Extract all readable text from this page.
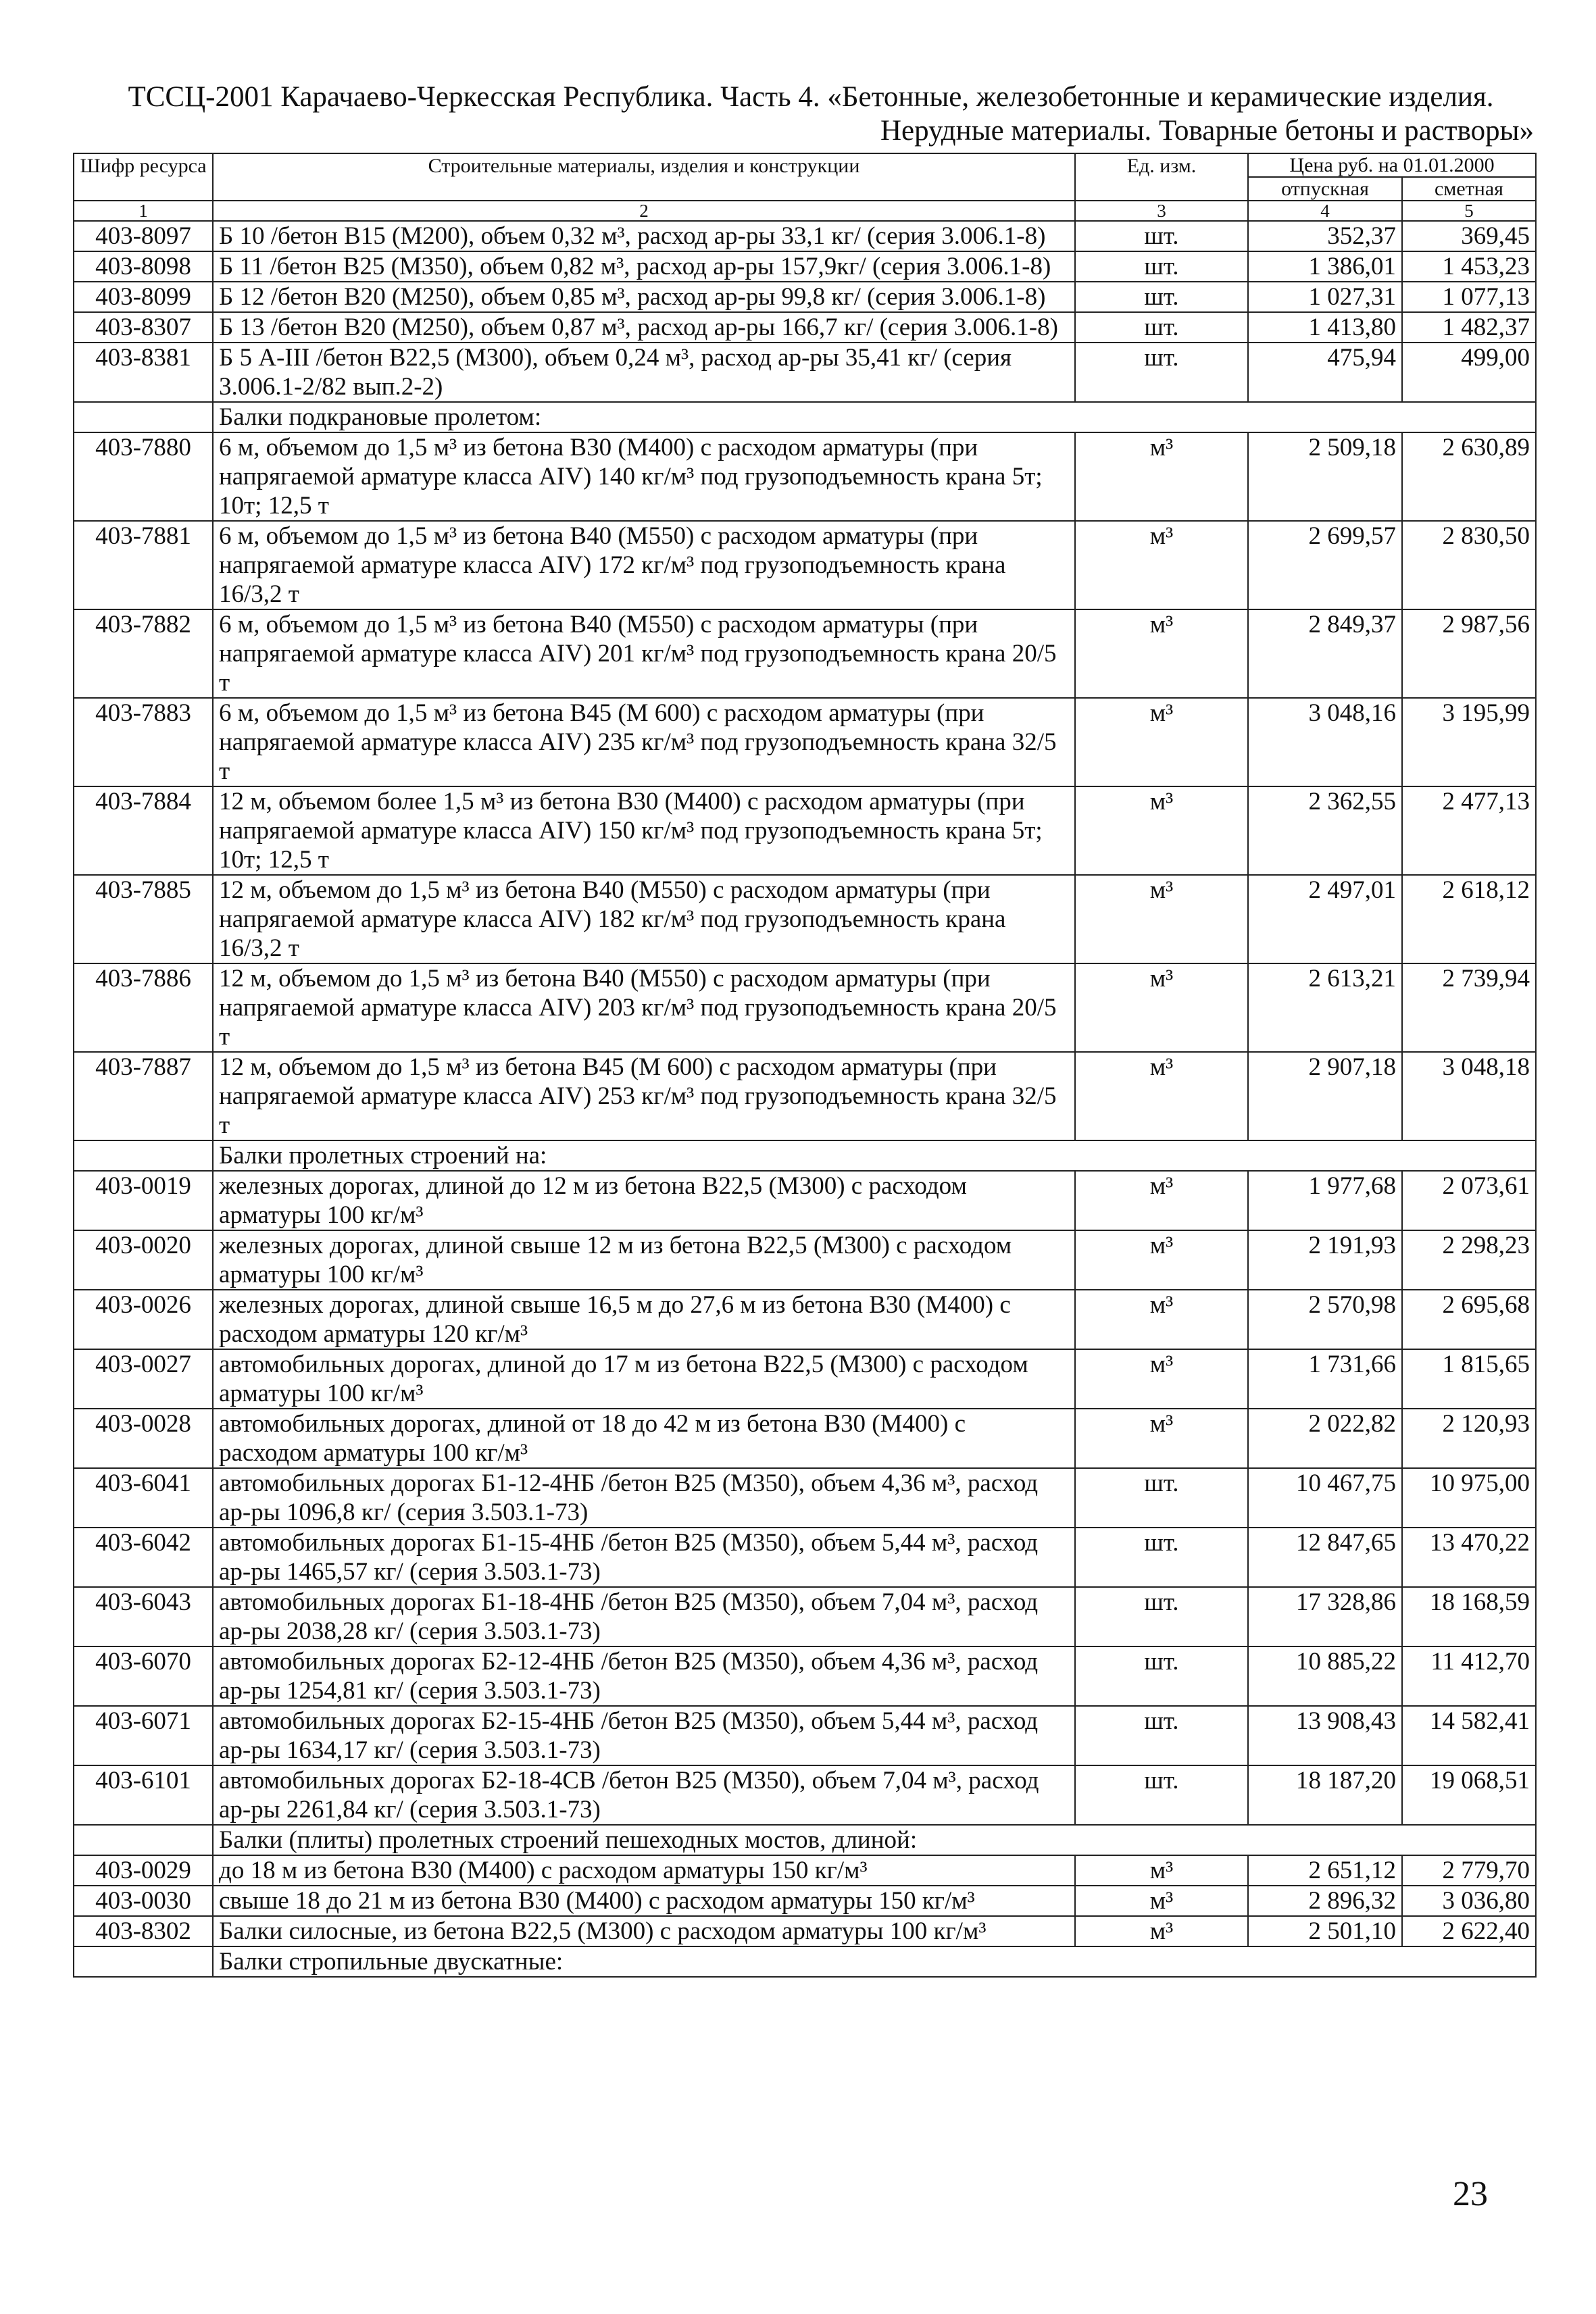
ТССЦ-2001 Карачаево-Черкесская Республика. Часть 4. «Бетонные, железобетонные и керамические изделия.
Нерудные материалы. Товарные бетоны и растворы»
Шифр ресурса	Строительные материалы, изделия и конструкции	Ед. изм.	Цена руб. на 01.01.2000	
			отпускная	сметная
1	2	3	4	5
403-8097	Б 10 /бетон В15 (М200), объем 0,32 м³, расход ар-ры 33,1 кг/ (серия 3.006.1-8)	шт.	352,37	369,45
403-8098	Б 11 /бетон В25 (М350), объем 0,82 м³, расход ар-ры 157,9кг/ (серия 3.006.1-8)	шт.	1 386,01	1 453,23
403-8099	Б 12 /бетон В20 (М250), объем 0,85 м³, расход ар-ры 99,8 кг/ (серия 3.006.1-8)	шт.	1 027,31	1 077,13
403-8307	Б 13 /бетон В20 (М250), объем 0,87 м³, расход ар-ры 166,7 кг/ (серия 3.006.1-8)	шт.	1 413,80	1 482,37
403-8381	Б 5 А-III /бетон В22,5 (М300), объем 0,24 м³, расход ар-ры 35,41 кг/ (серия 3.006.1-2/82 вып.2-2)	шт.	475,94	499,00
	Балки подкрановые пролетом:			
403-7880	6 м, объемом до 1,5 м³ из бетона В30 (М400) с расходом арматуры (при напрягаемой арматуре класса АIV) 140 кг/м³ под грузоподъемность крана 5т; 10т; 12,5 т	м³	2 509,18	2 630,89
403-7881	6 м, объемом до 1,5 м³ из бетона В40 (М550) с расходом арматуры (при напрягаемой арматуре класса АIV) 172 кг/м³ под грузоподъемность крана 16/3,2 т	м³	2 699,57	2 830,50
403-7882	6 м, объемом до 1,5 м³ из бетона В40 (М550) с расходом арматуры (при напрягаемой арматуре класса АIV) 201 кг/м³ под грузоподъемность крана 20/5 т	м³	2 849,37	2 987,56
403-7883	6 м, объемом до 1,5 м³ из бетона В45 (М 600) с расходом арматуры (при напрягаемой арматуре класса АIV) 235 кг/м³ под грузоподъемность крана 32/5 т	м³	3 048,16	3 195,99
403-7884	12 м, объемом более 1,5 м³ из бетона В30 (М400) с расходом арматуры (при напрягаемой арматуре класса АIV) 150 кг/м³ под грузоподъемность крана 5т; 10т; 12,5 т	м³	2 362,55	2 477,13
403-7885	12 м, объемом до 1,5 м³ из бетона В40 (М550) с расходом арматуры (при напрягаемой арматуре класса АIV) 182 кг/м³ под грузоподъемность крана 16/3,2 т	м³	2 497,01	2 618,12
403-7886	12 м, объемом до 1,5 м³ из бетона В40 (М550) с расходом арматуры (при напрягаемой арматуре класса АIV) 203 кг/м³ под грузоподъемность крана 20/5 т	м³	2 613,21	2 739,94
403-7887	12 м, объемом до 1,5 м³ из бетона В45 (М 600) с расходом арматуры (при напрягаемой арматуре класса АIV) 253 кг/м³ под грузоподъемность крана 32/5 т	м³	2 907,18	3 048,18
	Балки пролетных строений на:			
403-0019	железных дорогах, длиной до 12 м из бетона В22,5 (М300) с расходом арматуры 100 кг/м³	м³	1 977,68	2 073,61
403-0020	железных дорогах, длиной свыше 12 м из бетона В22,5 (М300) с расходом арматуры 100 кг/м³	м³	2 191,93	2 298,23
403-0026	железных дорогах, длиной свыше 16,5 м до 27,6 м из бетона В30 (М400) с расходом арматуры 120 кг/м³	м³	2 570,98	2 695,68
403-0027	автомобильных дорогах, длиной до 17 м из бетона В22,5 (М300) с расходом арматуры 100 кг/м³	м³	1 731,66	1 815,65
403-0028	автомобильных дорогах, длиной от 18 до 42 м из бетона В30 (М400) с расходом арматуры 100 кг/м³	м³	2 022,82	2 120,93
403-6041	автомобильных дорогах Б1-12-4НБ /бетон В25 (М350), объем 4,36 м³, расход ар-ры 1096,8 кг/ (серия 3.503.1-73)	шт.	10 467,75	10 975,00
403-6042	автомобильных дорогах Б1-15-4НБ /бетон В25 (М350), объем 5,44 м³, расход ар-ры 1465,57 кг/ (серия 3.503.1-73)	шт.	12 847,65	13 470,22
403-6043	автомобильных дорогах Б1-18-4НБ /бетон В25 (М350), объем 7,04 м³, расход ар-ры 2038,28 кг/ (серия 3.503.1-73)	шт.	17 328,86	18 168,59
403-6070	автомобильных дорогах Б2-12-4НБ /бетон В25 (М350), объем 4,36 м³, расход ар-ры 1254,81 кг/ (серия 3.503.1-73)	шт.	10 885,22	11 412,70
403-6071	автомобильных дорогах Б2-15-4НБ /бетон В25 (М350), объем 5,44 м³, расход ар-ры 1634,17 кг/ (серия 3.503.1-73)	шт.	13 908,43	14 582,41
403-6101	автомобильных дорогах Б2-18-4СВ /бетон В25 (М350), объем 7,04 м³, расход ар-ры 2261,84 кг/ (серия 3.503.1-73)	шт.	18 187,20	19 068,51
	Балки (плиты) пролетных строений пешеходных мостов, длиной:			
403-0029	до 18 м из бетона В30 (М400) с расходом арматуры 150 кг/м³	м³	2 651,12	2 779,70
403-0030	свыше 18 до 21 м из бетона В30 (М400) с расходом арматуры 150 кг/м³	м³	2 896,32	3 036,80
403-8302	Балки силосные, из бетона В22,5 (М300) с расходом арматуры 100 кг/м³	м³	2 501,10	2 622,40
	Балки стропильные двускатные:			
23
